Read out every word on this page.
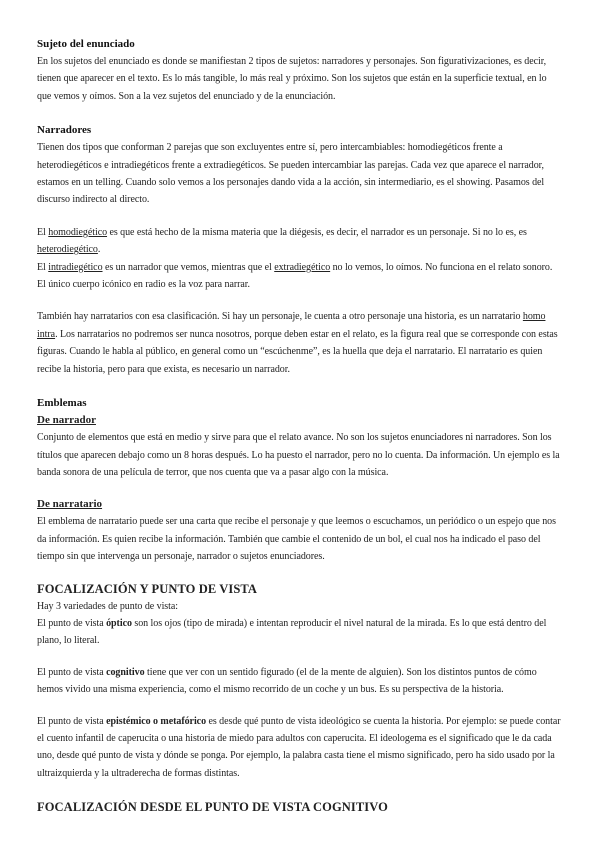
Sujeto del enunciado

En los sujetos del enunciado es donde se manifiestan 2 tipos de sujetos: narradores y personajes. Son figurativizaciones, es decir, tienen que aparecer en el texto. Es lo más tangible, lo más real y próximo. Son los sujetos que están en la superficie textual, en lo que vemos y oímos. Son a la vez sujetos del enunciado y de la enunciación.

Narradores

Tienen dos tipos que conforman 2 parejas que son excluyentes entre sí, pero intercambiables: homodiegéticos frente a heterodiegéticos e intradiegéticos frente a extradiegéticos. Se pueden intercambiar las parejas. Cada vez que aparece el narrador, estamos en un telling. Cuando solo vemos a los personajes dando vida a la acción, sin intermediario, es el showing. Pasamos del discurso indirecto al directo.

El homodiegético es que está hecho de la misma materia que la diégesis, es decir, el narrador es un personaje. Si no lo es, es heterodiegético.

El intradiegético es un narrador que vemos, mientras que el extradiegético no lo vemos, lo oímos. No funciona en el relato sonoro. El único cuerpo icónico en radio es la voz para narrar.

También hay narratarios con esa clasificación. Si hay un personaje, le cuenta a otro personaje una historia, es un narratario homo intra. Los narratarios no podremos ser nunca nosotros, porque deben estar en el relato, es la figura real que se corresponde con estas figuras. Cuando le habla al público, en general como un “escúchenme”, es la huella que deja el narratario. El narratario es quien recibe la historia, pero para que exista, es necesario un narrador.

Emblemas
De narrador

Conjunto de elementos que está en medio y sirve para que el relato avance. No son los sujetos enunciadores ni narradores. Son los títulos que aparecen debajo como un 8 horas después. Lo ha puesto el narrador, pero no lo cuenta. Da información. Un ejemplo es la banda sonora de una película de terror, que nos cuenta que va a pasar algo con la música.

De narratario

El emblema de narratario puede ser una carta que recibe el personaje y que leemos o escuchamos, un periódico o un espejo que nos da información. Es quien recibe la información. También que cambie el contenido de un bol, el cual nos ha indicado el paso del tiempo sin que intervenga un personaje, narrador o sujetos enunciadores.

FOCALIZACIÓN Y PUNTO DE VISTA

Hay 3 variedades de punto de vista:

El punto de vista óptico son los ojos (tipo de mirada) e intentan reproducir el nivel natural de la mirada. Es lo que está dentro del plano, lo literal.

El punto de vista cognitivo tiene que ver con un sentido figurado (el de la mente de alguien). Son los distintos puntos de cómo hemos vivido una misma experiencia, como el mismo recorrido de un coche y un bus. Es su perspectiva de la historia.

El punto de vista epistémico o metafórico es desde qué punto de vista ideológico se cuenta la historia. Por ejemplo: se puede contar el cuento infantil de caperucita o una historia de miedo para adultos con caperucita. El ideologema es el significado que le da cada uno, desde qué punto de vista y dónde se ponga. Por ejemplo, la palabra casta tiene el mismo significado, pero ha sido usado por la ultraizquierda y la ultraderecha de formas distintas.

FOCALIZACIÓN DESDE EL PUNTO DE VISTA COGNITIVO
